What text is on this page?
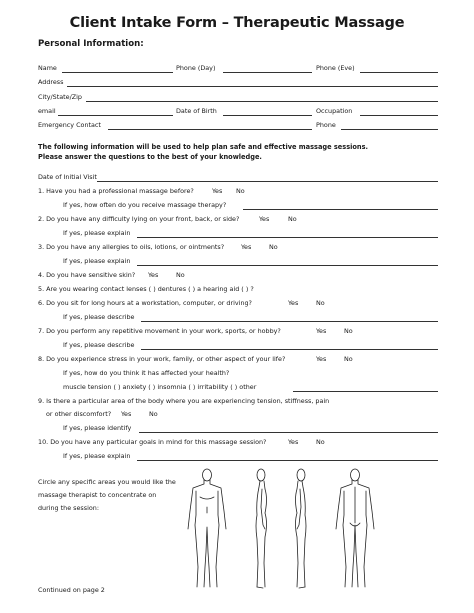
Client Intake Form – Therapeutic Massage
Personal Information:
Name	Phone (Day)	Phone (Eve)
Address
City/State/Zip
email	Date of Birth	Occupation
Emergency Contact	Phone
The following information will be used to help plan safe and effective massage sessions.
Please answer the questions to the best of your knowledge.
Date of Initial Visit
1. Have you had a professional massage before?	Yes No
If yes, how often do you receive massage therapy?
2. Do you have any difficulty lying on your front, back, or side?	Yes	No
If yes, please explain
3. Do you have any allergies to oils, lotions, or ointments?	Yes	No
If yes, please explain
4. Do you have sensitive skin? Yes	No
5. Are you wearing contact lenses ( ) dentures ( ) a hearing aid ( ) ?
6. Do you sit for long hours at a workstation, computer, or driving?	Yes	No
If yes, please describe
7. Do you perform any repetitive movement in your work, sports, or hobby?	Yes	No
If yes, please describe
8. Do you experience stress in your work, family, or other aspect of your life?	Yes	No
If yes, how do you think it has affected your health?
muscle tension ( ) anxiety ( ) insomnia ( ) irritability ( ) other
9. Is there a particular area of the body where you are experiencing tension, stiffness, pain
or other discomfort? Yes	No
If yes, please identify
10. Do you have any particular goals in mind for this massage session?	Yes	No
If yes, please explain
Circle any specific areas you would like the
massage therapist to concentrate on
during the session:
Continued on page 2
